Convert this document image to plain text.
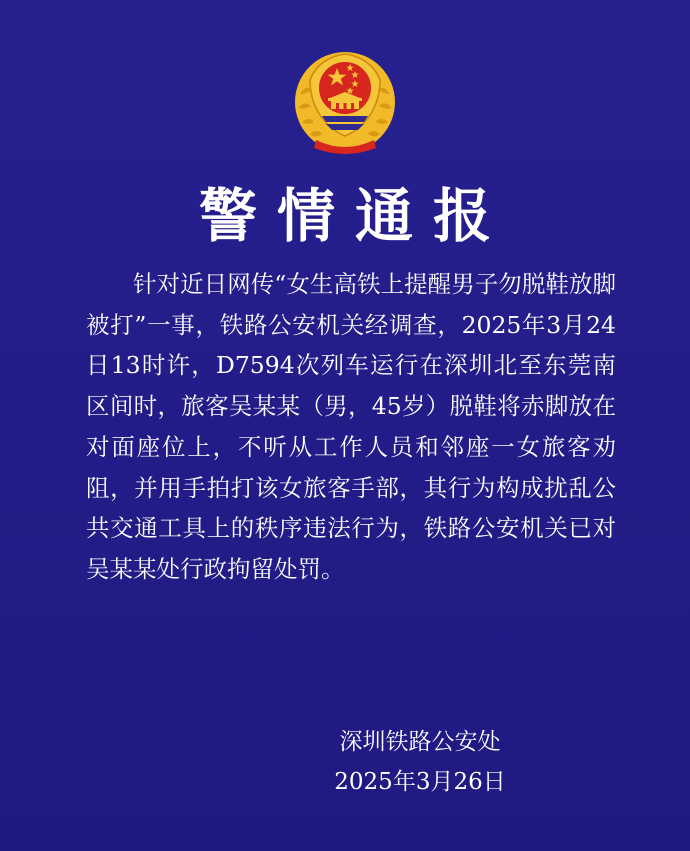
警情通报

针对近日网传“女生高铁上提醒男子勿脱鞋放脚被打”一事，铁路公安机关经调查，2025年3月24日13时许，D7594次列车运行在深圳北至东莞南区间时，旅客吴某某（男，45岁）脱鞋将赤脚放在对面座位上，不听从工作人员和邻座一女旅客劝阻，并用手拍打该女旅客手部，其行为构成扰乱公共交通工具上的秩序违法行为，铁路公安机关已对吴某某处行政拘留处罚。

深圳铁路公安处
2025年3月26日
